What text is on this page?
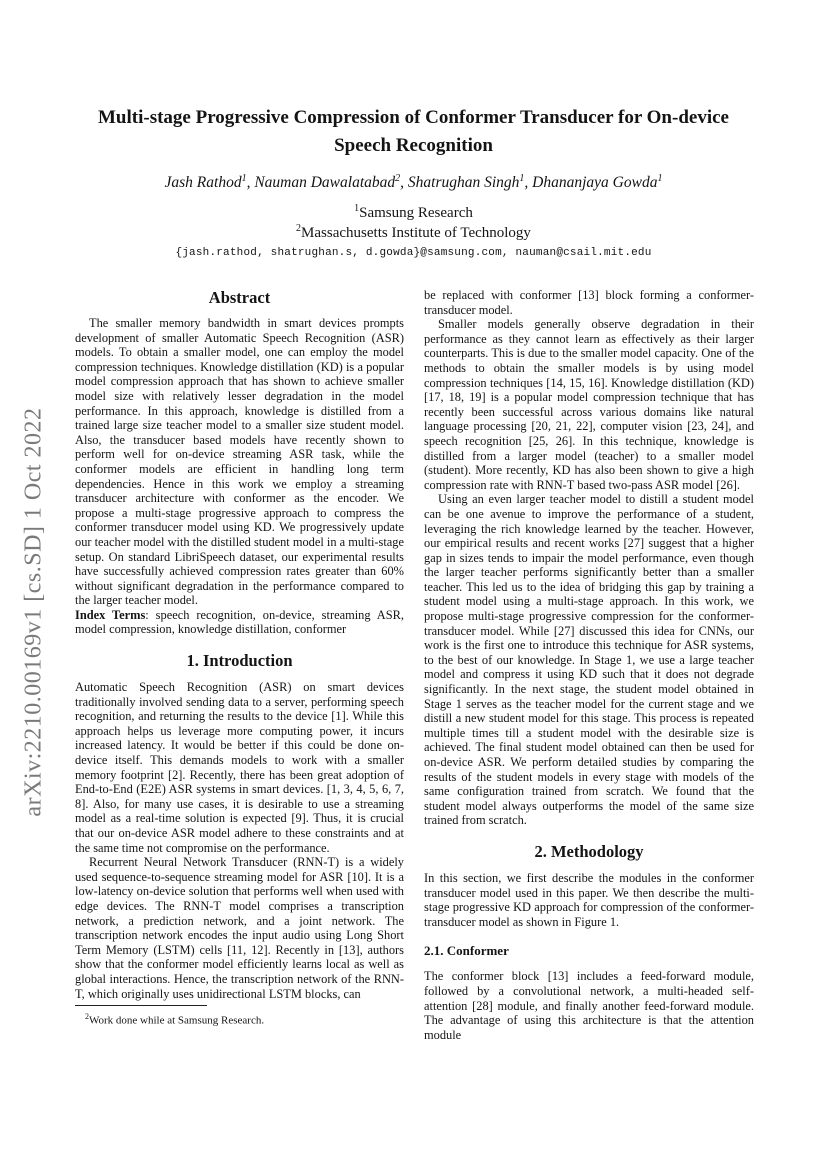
arXiv:2210.00169v1 [cs.SD] 1 Oct 2022
Multi-stage Progressive Compression of Conformer Transducer for On-device
Speech Recognition
Jash Rathod$^1$, Nauman Dawalatabad$^2$, Shatrughan Singh$^1$, Dhananjaya Gowda$^1$
$^1$Samsung Research
$^2$Massachusetts Institute of Technology
{jash.rathod, shatrughan.s, d.gowda}@samsung.com, nauman@csail.mit.edu
Abstract

The smaller memory bandwidth in smart devices prompts development of smaller Automatic Speech Recognition (ASR) models. To obtain a smaller model, one can employ the model compression techniques. Knowledge distillation (KD) is a popular model compression approach that has shown to achieve smaller model size with relatively lesser degradation in the model performance. In this approach, knowledge is distilled from a trained large size teacher model to a smaller size student model. Also, the transducer based models have recently shown to perform well for on-device streaming ASR task, while the conformer models are efficient in handling long term dependencies. Hence in this work we employ a streaming transducer architecture with conformer as the encoder. We propose a multi-stage progressive approach to compress the conformer transducer model using KD. We progressively update our teacher model with the distilled student model in a multi-stage setup. On standard LibriSpeech dataset, our experimental results have successfully achieved compression rates greater than 60% without significant degradation in the performance compared to the larger teacher model.

Index Terms: speech recognition, on-device, streaming ASR, model compression, knowledge distillation, conformer

1. Introduction

Automatic Speech Recognition (ASR) on smart devices traditionally involved sending data to a server, performing speech recognition, and returning the results to the device [1]. While this approach helps us leverage more computing power, it incurs increased latency. It would be better if this could be done on-device itself. This demands models to work with a smaller memory footprint [2]. Recently, there has been great adoption of End-to-End (E2E) ASR systems in smart devices. [1, 3, 4, 5, 6, 7, 8]. Also, for many use cases, it is desirable to use a streaming model as a real-time solution is expected [9]. Thus, it is crucial that our on-device ASR model adhere to these constraints and at the same time not compromise on the performance.

Recurrent Neural Network Transducer (RNN-T) is a widely used sequence-to-sequence streaming model for ASR [10]. It is a low-latency on-device solution that performs well when used with edge devices. The RNN-T model comprises a transcription network, a prediction network, and a joint network. The transcription network encodes the input audio using Long Short Term Memory (LSTM) cells [11, 12]. Recently in [13], authors show that the conformer model efficiently learns local as well as global interactions. Hence, the transcription network of the RNN-T, which originally uses unidirectional LSTM blocks, can

be replaced with conformer [13] block forming a conformer-transducer model.

Smaller models generally observe degradation in their performance as they cannot learn as effectively as their larger counterparts. This is due to the smaller model capacity. One of the methods to obtain the smaller models is by using model compression techniques [14, 15, 16]. Knowledge distillation (KD) [17, 18, 19] is a popular model compression technique that has recently been successful across various domains like natural language processing [20, 21, 22], computer vision [23, 24], and speech recognition [25, 26]. In this technique, knowledge is distilled from a larger model (teacher) to a smaller model (student). More recently, KD has also been shown to give a high compression rate with RNN-T based two-pass ASR model [26].

Using an even larger teacher model to distill a student model can be one avenue to improve the performance of a student, leveraging the rich knowledge learned by the teacher. However, our empirical results and recent works [27] suggest that a higher gap in sizes tends to impair the model performance, even though the larger teacher performs significantly better than a smaller teacher. This led us to the idea of bridging this gap by training a student model using a multi-stage approach. In this work, we propose multi-stage progressive compression for the conformer-transducer model. While [27] discussed this idea for CNNs, our work is the first one to introduce this technique for ASR systems, to the best of our knowledge. In Stage 1, we use a large teacher model and compress it using KD such that it does not degrade significantly. In the next stage, the student model obtained in Stage 1 serves as the teacher model for the current stage and we distill a new student model for this stage. This process is repeated multiple times till a student model with the desirable size is achieved. The final student model obtained can then be used for on-device ASR. We perform detailed studies by comparing the results of the student models in every stage with models of the same configuration trained from scratch. We found that the student model always outperforms the model of the same size trained from scratch.

2. Methodology

In this section, we first describe the modules in the conformer transducer model used in this paper. We then describe the multi-stage progressive KD approach for compression of the conformer-transducer model as shown in Figure 1.

2.1. Conformer

The conformer block [13] includes a feed-forward module, followed by a convolutional network, a multi-headed self-attention [28] module, and finally another feed-forward module. The advantage of using this architecture is that the attention module

$^2$Work done while at Samsung Research.
